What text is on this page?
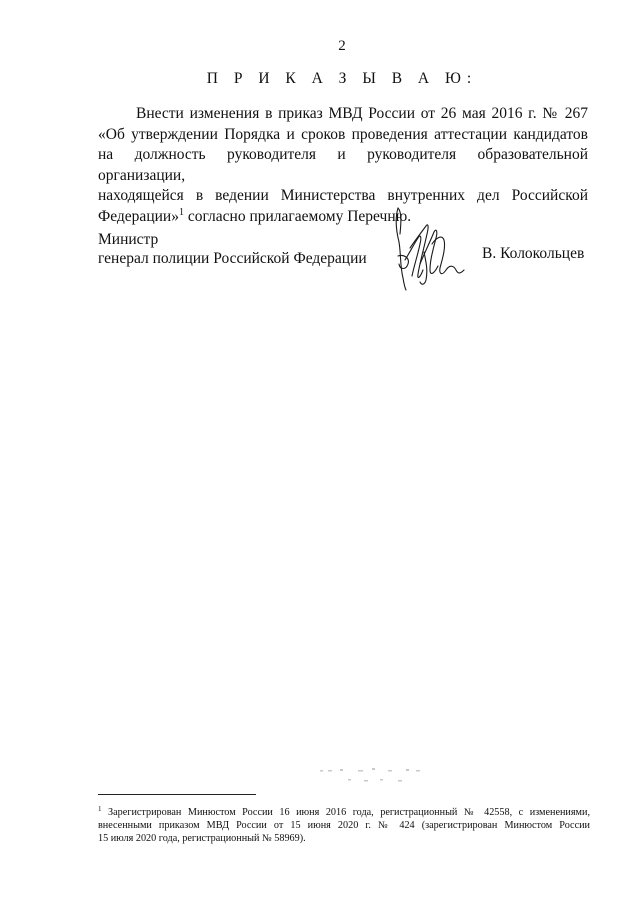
2
П Р И К А З Ы В А Ю:
Внести изменения в приказ МВД России от 26 мая 2016 г. № 267
«Об утверждении Порядка и сроков проведения аттестации кандидатов
на должность руководителя и руководителя образовательной организации,
находящейся в ведении Министерства внутренних дел Российской
Федерации»$^1$ согласно прилагаемому Перечню.
Министр
генерал полиции Российской Федерации	В. Колокольцев
$^1$ Зарегистрирован Минюстом России 16 июня 2016 года, регистрационный № 42558, с изменениями,
внесенными приказом МВД России от 15 июня 2020 г. № 424 (зарегистрирован Минюстом России
15 июля 2020 года, регистрационный № 58969).
